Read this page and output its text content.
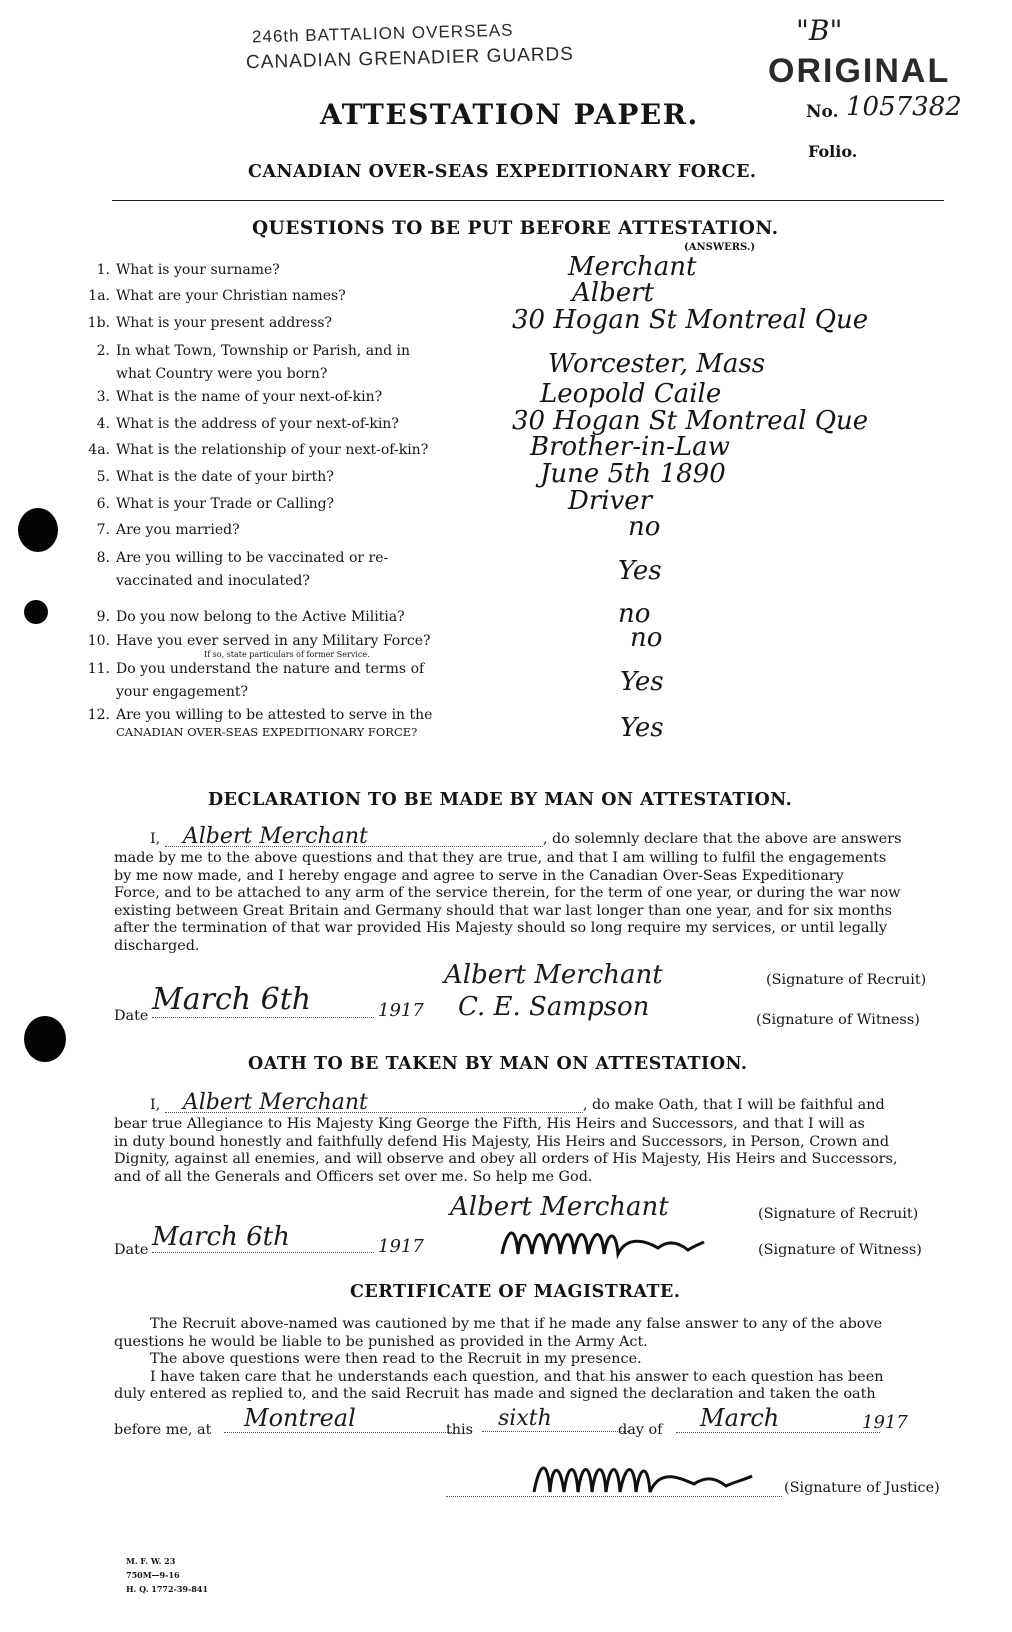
246th BATTALION OVERSEAS
CANADIAN GRENADIER GUARDS
"B"
ORIGINAL
No. 1057382
Folio.
ATTESTATION PAPER.
CANADIAN OVER-SEAS EXPEDITIONARY FORCE.
QUESTIONS TO BE PUT BEFORE ATTESTATION.
(ANSWERS.)
1. What is your surname?	Merchant
1a. What are your Christian names?	Albert
1b. What is your present address?	30 Hogan St Montreal Que
2. In what Town, Township or Parish, and in
what Country were you born?	Worcester, Mass
3. What is the name of your next-of-kin?	Leopold Caile
4. What is the address of your next-of-kin?	30 Hogan St Montreal Que
4a. What is the relationship of your next-of-kin?	Brother-in-Law
5. What is the date of your birth?	June 5th 1890
6. What is your Trade or Calling?	Driver
7. Are you married?	no
8. Are you willing to be vaccinated or re-
vaccinated and inoculated?	Yes
9. Do you now belong to the Active Militia?	no
10. Have you ever served in any Military Force?
If so, state particulars of former Service.
no
11. Do you understand the nature and terms of
your engagement?	Yes
12. Are you willing to be attested to serve in the
CANADIAN OVER-SEAS EXPEDITIONARY FORCE?	Yes
DECLARATION TO BE MADE BY MAN ON ATTESTATION.
I, Albert Merchant	, do solemnly declare that the above are answers
made by me to the above questions and that they are true, and that I am willing to fulfil the engagements
by me now made, and I hereby engage and agree to serve in the Canadian Over-Seas Expeditionary
Force, and to be attached to any arm of the service therein, for the term of one year, or during the war now
existing between Great Britain and Germany should that war last longer than one year, and for six months
after the termination of that war provided His Majesty should so long require my services, or until legally
discharged.
Date March 6th	1917
Albert Merchant	(Signature of Recruit)
C. E. Sampson	(Signature of Witness)
OATH TO BE TAKEN BY MAN ON ATTESTATION.
I, Albert Merchant	, do make Oath, that I will be faithful and
bear true Allegiance to His Majesty King George the Fifth, His Heirs and Successors, and that I will as
in duty bound honestly and faithfully defend His Majesty, His Heirs and Successors, in Person, Crown and
Dignity, against all enemies, and will observe and obey all orders of His Majesty, His Heirs and Successors,
and of all the Generals and Officers set over me. So help me God.
Date March 6th	1917
Albert Merchant	(Signature of Recruit)
(Signature of Witness)
CERTIFICATE OF MAGISTRATE.
The Recruit above-named was cautioned by me that if he made any false answer to any of the above
questions he would be liable to be punished as provided in the Army Act.
The above questions were then read to the Recruit in my presence.
I have taken care that he understands each question, and that his answer to each question has been
duly entered as replied to, and the said Recruit has made and signed the declaration and taken the oath
before me, at	Montreal	this	sixth	day of	March	1917
(Signature of Justice)
M. F. W. 23
750M—9-16
H. Q. 1772-39-841
